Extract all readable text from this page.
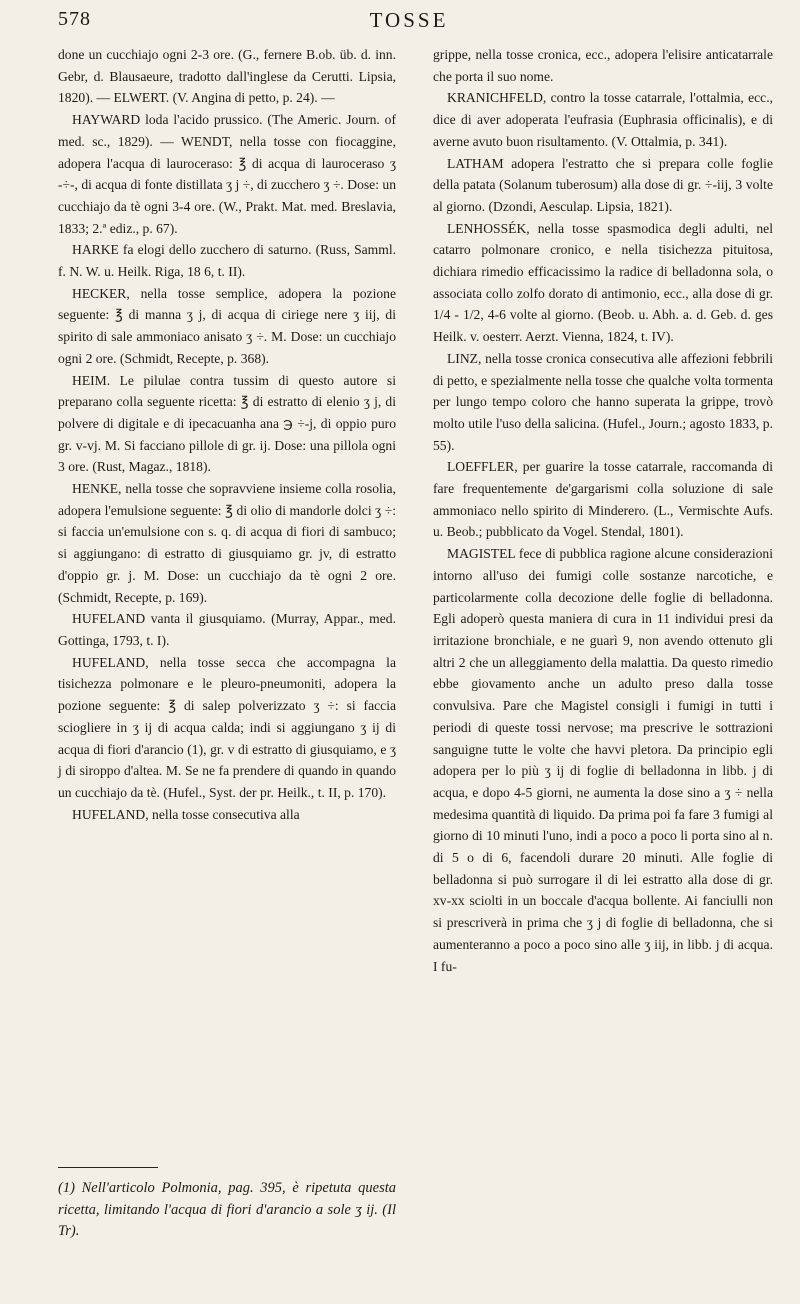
578	TOSSE

done un cucchiajo ogni 2-3 ore. (G., fernere B.ob. üb. d. inn. Gebr, d. Blausaeure, tradotto dall'inglese da Cerutti. Lipsia, 1820). — ELWERT. (V. Angina di petto, p. 24). —

HAYWARD loda l'acido prussico. (The Americ. Journ. of med. sc., 1829). — WENDT, nella tosse con fiocaggine, adopera l'acqua di lauroceraso: ℥ di acqua di lauroceraso ʒ -÷-, di acqua di fonte distillata ʒ j ÷, di zucchero ʒ ÷. Dose: un cucchiajo da tè ogni 3-4 ore. (W., Prakt. Mat. med. Breslavia, 1833; 2.ª ediz., p. 67).

HARKE fa elogi dello zucchero di saturno. (Russ, Samml. f. N. W. u. Heilk. Riga, 18 6, t. II).

HECKER, nella tosse semplice, adopera la pozione seguente: ℥ di manna ʒ j, di acqua di ciriege nere ʒ iij, di spirito di sale ammoniaco anisato ʒ ÷. M. Dose: un cucchiajo ogni 2 ore. (Schmidt, Recepte, p. 368).

HEIM. Le pilulae contra tussim di questo autore si preparano colla seguente ricetta: ℥ di estratto di elenio ʒ j, di polvere di digitale e di ipecacuanha ana ℈ ÷-j, di oppio puro gr. v-vj. M. Si facciano pillole di gr. ij. Dose: una pillola ogni 3 ore. (Rust, Magaz., 1818).

HENKE, nella tosse che sopravviene insieme colla rosolia, adopera l'emulsione seguente: ℥ di olio di mandorle dolci ʒ ÷: si faccia un'emulsione con s. q. di acqua di fiori di sambuco; si aggiungano: di estratto di giusquiamo gr. jv, di estratto d'oppio gr. j. M. Dose: un cucchiajo da tè ogni 2 ore. (Schmidt, Recepte, p. 169).

HUFELAND vanta il giusquiamo. (Murray, Appar., med. Gottinga, 1793, t. I).

HUFELAND, nella tosse secca che accompagna la tisichezza polmonare e le pleuro-pneumoniti, adopera la pozione seguente: ℥ di salep polverizzato ʒ ÷: si faccia sciogliere in ʒ ij di acqua calda; indi si aggiungano ʒ ij di acqua di fiori d'arancio (1), gr. v di estratto di giusquiamo, e ʒ j di siroppo d'altea. M. Se ne fa prendere di quando in quando un cucchiajo da tè. (Hufel., Syst. der pr. Heilk., t. II, p. 170).

HUFELAND, nella tosse consecutiva alla

(1) Nell'articolo Polmonia, pag. 395, è ripetuta questa ricetta, limitando l'acqua di fiori d'arancio a sole ʒ ij. (Il Tr).

grippe, nella tosse cronica, ecc., adopera l'elisire anticatarrale che porta il suo nome.

KRANICHFELD, contro la tosse catarrale, l'ottalmia, ecc., dice di aver adoperata l'eufrasia (Euphrasia officinalis), e di averne avuto buon risultamento. (V. Ottalmia, p. 341).

LATHAM adopera l'estratto che si prepara colle foglie della patata (Solanum tuberosum) alla dose di gr. ÷-iij, 3 volte al giorno. (Dzondi, Aesculap. Lipsia, 1821).

LENHOSSÉK, nella tosse spasmodica degli adulti, nel catarro polmonare cronico, e nella tisichezza pituitosa, dichiara rimedio efficacissimo la radice di belladonna sola, o associata collo zolfo dorato di antimonio, ecc., alla dose di gr. 1/4 - 1/2, 4-6 volte al giorno. (Beob. u. Abh. a. d. Geb. d. ges Heilk. v. oesterr. Aerzt. Vienna, 1824, t. IV).

LINZ, nella tosse cronica consecutiva alle affezioni febbrili di petto, e spezialmente nella tosse che qualche volta tormenta per lungo tempo coloro che hanno superata la grippe, trovò molto utile l'uso della salicina. (Hufel., Journ.; agosto 1833, p. 55).

LOEFFLER, per guarire la tosse catarrale, raccomanda di fare frequentemente de'gargarismi colla soluzione di sale ammoniaco nello spirito di Minderero. (L., Vermischte Aufs. u. Beob.; pubblicato da Vogel. Stendal, 1801).

MAGISTEL fece di pubblica ragione alcune considerazioni intorno all'uso dei fumigi colle sostanze narcotiche, e particolarmente colla decozione delle foglie di belladonna. Egli adoperò questa maniera di cura in 11 individui presi da irritazione bronchiale, e ne guarì 9, non avendo ottenuto gli altri 2 che un alleggiamento della malattia. Da questo rimedio ebbe giovamento anche un adulto preso dalla tosse convulsiva. Pare che Magistel consigli i fumigi in tutti i periodi di queste tossi nervose; ma prescrive le sottrazioni sanguigne tutte le volte che havvi pletora. Da principio egli adopera per lo più ʒ ij di foglie di belladonna in libb. j di acqua, e dopo 4-5 giorni, ne aumenta la dose sino a ʒ ÷ nella medesima quantità di liquido. Da prima poi fa fare 3 fumigi al giorno di 10 minuti l'uno, indi a poco a poco li porta sino al n. di 5 o di 6, facendoli durare 20 minuti. Alle foglie di belladonna si può surrogare il di lei estratto alla dose di gr. xv-xx sciolti in un boccale d'acqua bollente. Ai fanciulli non si prescriverà in prima che ʒ j di foglie di belladonna, che si aumenteranno a poco a poco sino alle ʒ iij, in libb. j di acqua. I fu-
